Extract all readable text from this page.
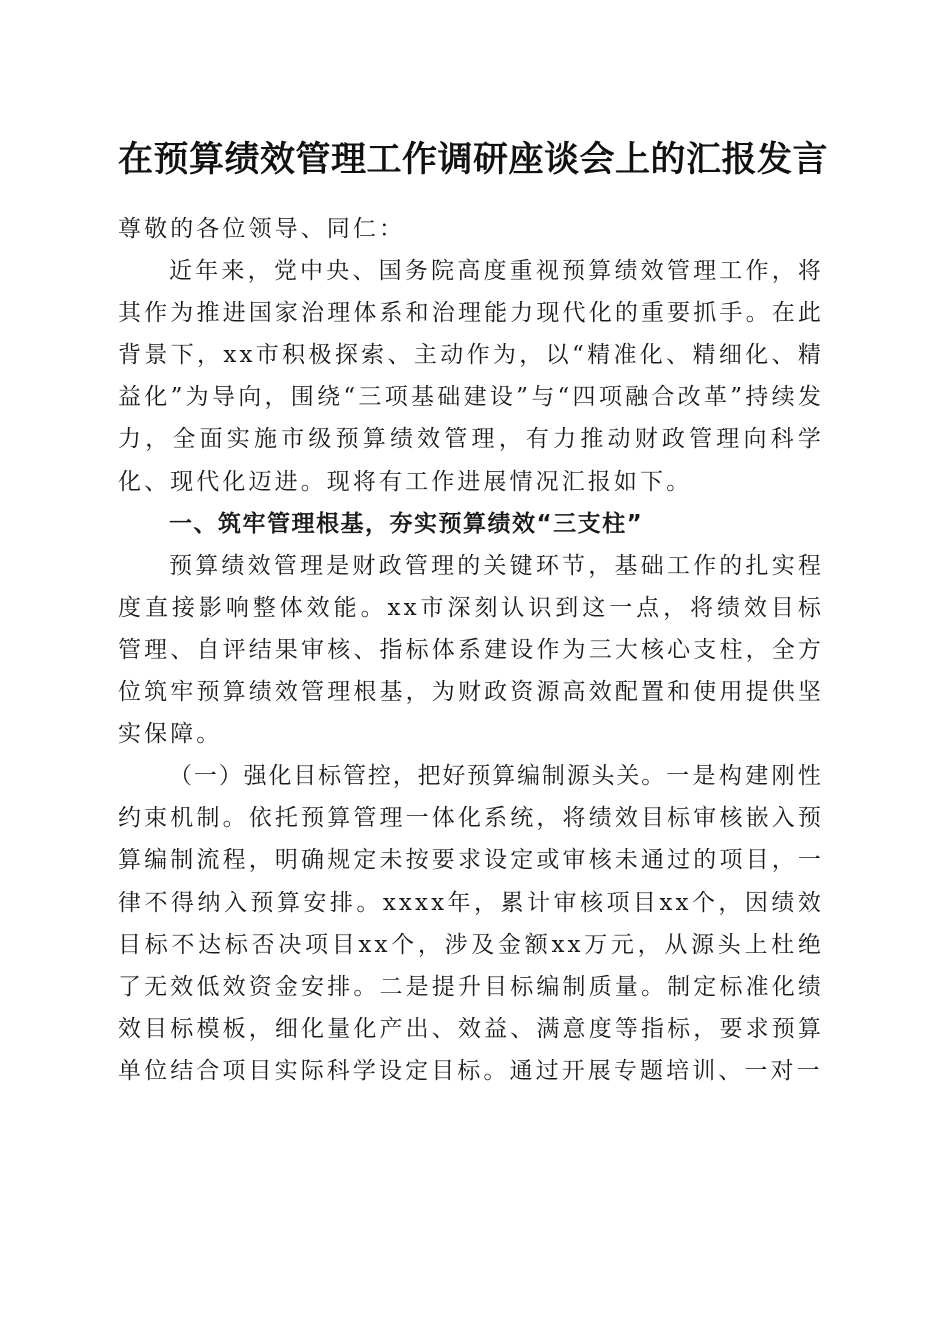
在预算绩效管理工作调研座谈会上的汇报发言

尊敬的各位领导、同仁：

近年来，党中央、国务院高度重视预算绩效管理工作，将其作为推进国家治理体系和治理能力现代化的重要抓手。在此背景下，xx市积极探索、主动作为，以“精准化、精细化、精益化”为导向，围绕“三项基础建设”与“四项融合改革”持续发力，全面实施市级预算绩效管理，有力推动财政管理向科学化、现代化迈进。现将有工作进展情况汇报如下。

一、筑牢管理根基，夯实预算绩效“三支柱”

预算绩效管理是财政管理的关键环节，基础工作的扎实程度直接影响整体效能。xx市深刻认识到这一点，将绩效目标管理、自评结果审核、指标体系建设作为三大核心支柱，全方位筑牢预算绩效管理根基，为财政资源高效配置和使用提供坚实保障。

（一）强化目标管控，把好预算编制源头关。一是构建刚性约束机制。依托预算管理一体化系统，将绩效目标审核嵌入预算编制流程，明确规定未按要求设定或审核未通过的项目，一律不得纳入预算安排。xxxx年，累计审核项目xx个，因绩效目标不达标否决项目xx个，涉及金额xx万元，从源头上杜绝了无效低效资金安排。二是提升目标编制质量。制定标准化绩效目标模板，细化量化产出、效益、满意度等指标，要求预算单位结合项目实际科学设定目标。通过开展专题培训、一对一
